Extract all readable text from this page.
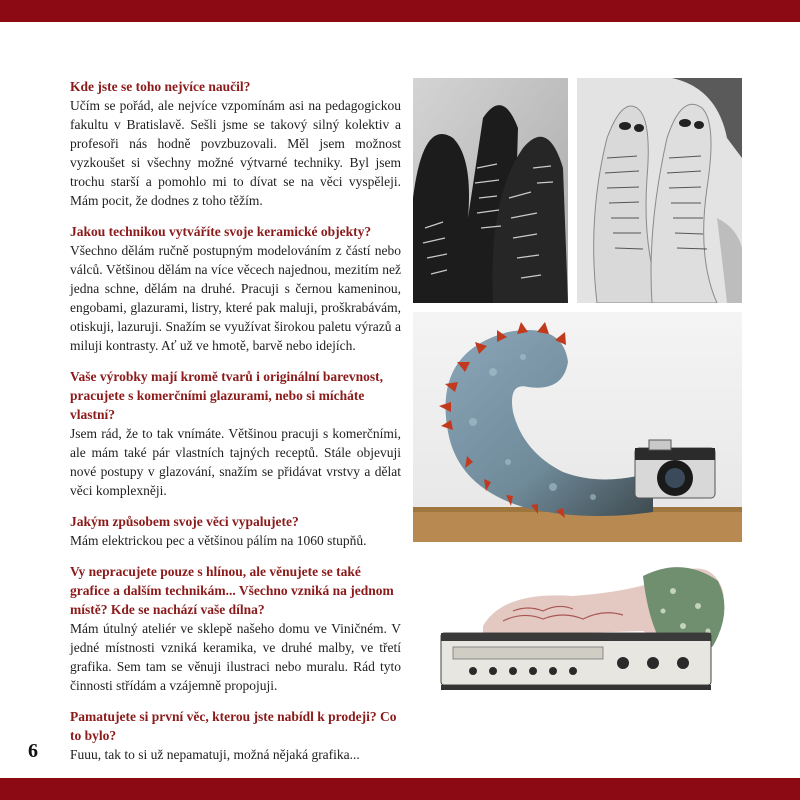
Kde jste se toho nejvíce naučil?

Učím se pořád, ale nejvíce vzpomínám asi na pedagogickou fakultu v Bratislavě. Sešli jsme se takový silný kolektiv a profesoři nás hodně povzbuzovali. Měl jsem možnost vyzkoušet si všechny možné výtvarné techniky. Byl jsem trochu starší a pomohlo mi to dívat se na věci vyspěleji. Mám pocit, že dodnes z toho těžím.

Jakou technikou vytváříte svoje keramické objekty?

Všechno dělám ručně postupným modelováním z částí nebo válců. Většinou dělám na více věcech najednou, mezitím než jedna schne, dělám na druhé. Pracuji s černou kameninou, engobami, glazurami, listry, které pak maluji, proškrabávám, otiskuji, lazuruji. Snažím se využívat širokou paletu výrazů a miluji kontrasty. Ať už ve hmotě, barvě nebo idejích.

Vaše výrobky mají kromě tvarů i originální barevnost, pracujete s komerčními glazurami, nebo si mícháte vlastní?

Jsem rád, že to tak vnímáte. Většinou pracuji s komerčními, ale mám také pár vlastních tajných receptů. Stále objevuji nové postupy v glazování, snažím se přidávat vrstvy a dělat věci komplexněji.

Jakým způsobem svoje věci vypalujete?

Mám elektrickou pec a většinou pálím na 1060 stupňů.

Vy nepracujete pouze s hlínou, ale věnujete se také grafice a dalším technikám... Všechno vzniká na jednom místě? Kde se nachází vaše dílna?

Mám útulný ateliér ve sklepě našeho domu ve Viničném. V jedné místnosti vzniká keramika, ve druhé malby, ve třetí grafika. Sem tam se věnuji ilustraci nebo muralu. Rád tyto činnosti střídám a vzájemně propojuji.

Pamatujete si první věc, kterou jste nabídl k prodeji? Co to bylo?

Fuuu, tak to si už nepamatuji, možná nějaká grafika...

6
